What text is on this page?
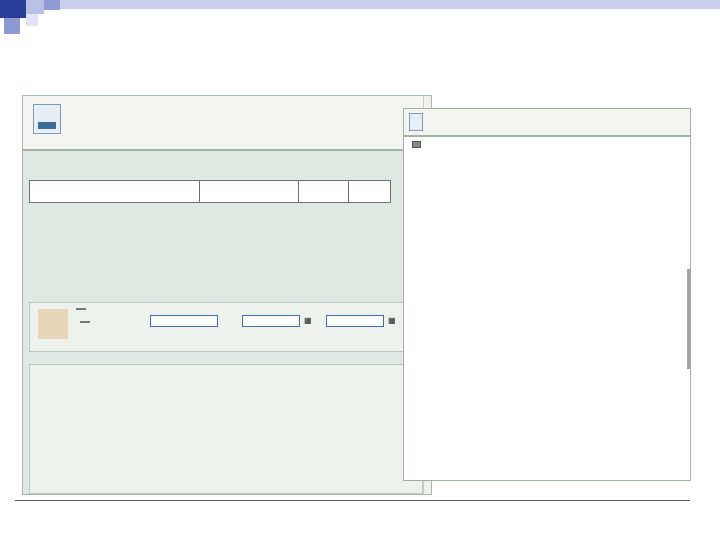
▦	▦
